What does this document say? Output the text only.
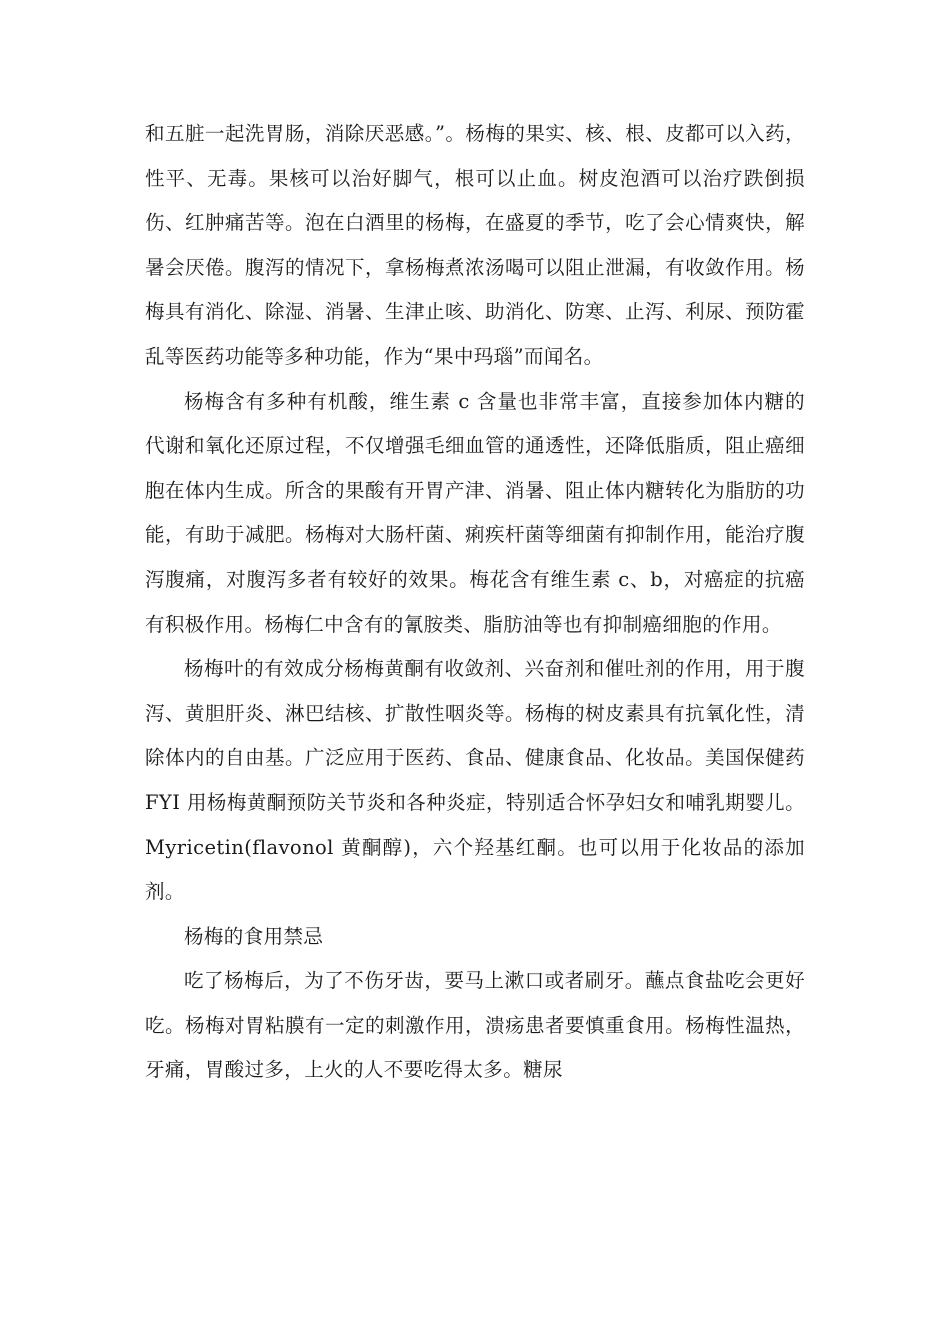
和五脏一起洗胃肠，消除厌恶感。”。杨梅的果实、核、根、皮都可以入药，性平、无毒。果核可以治好脚气，根可以止血。树皮泡酒可以治疗跌倒损伤、红肿痛苦等。泡在白酒里的杨梅，在盛夏的季节，吃了会心情爽快，解暑会厌倦。腹泻的情况下，拿杨梅煮浓汤喝可以阻止泄漏，有收敛作用。杨梅具有消化、除湿、消暑、生津止咳、助消化、防寒、止泻、利尿、预防霍乱等医药功能等多种功能，作为“果中玛瑙”而闻名。

杨梅含有多种有机酸，维生素 c 含量也非常丰富，直接参加体内糖的代谢和氧化还原过程，不仅增强毛细血管的通透性，还降低脂质，阻止癌细胞在体内生成。所含的果酸有开胃产津、消暑、阻止体内糖转化为脂肪的功能，有助于减肥。杨梅对大肠杆菌、痢疾杆菌等细菌有抑制作用，能治疗腹泻腹痛，对腹泻多者有较好的效果。梅花含有维生素 c、b，对癌症的抗癌有积极作用。杨梅仁中含有的氰胺类、脂肪油等也有抑制癌细胞的作用。

杨梅叶的有效成分杨梅黄酮有收敛剂、兴奋剂和催吐剂的作用，用于腹泻、黄胆肝炎、淋巴结核、扩散性咽炎等。杨梅的树皮素具有抗氧化性，清除体内的自由基。广泛应用于医药、食品、健康食品、化妆品。美国保健药 FYI 用杨梅黄酮预防关节炎和各种炎症，特别适合怀孕妇女和哺乳期婴儿。Myricetin(flavonol 黄酮醇)，六个羟基红酮。也可以用于化妆品的添加剂。

杨梅的食用禁忌

吃了杨梅后，为了不伤牙齿，要马上漱口或者刷牙。蘸点食盐吃会更好吃。杨梅对胃粘膜有一定的刺激作用，溃疡患者要慎重食用。杨梅性温热，牙痛，胃酸过多，上火的人不要吃得太多。糖尿
